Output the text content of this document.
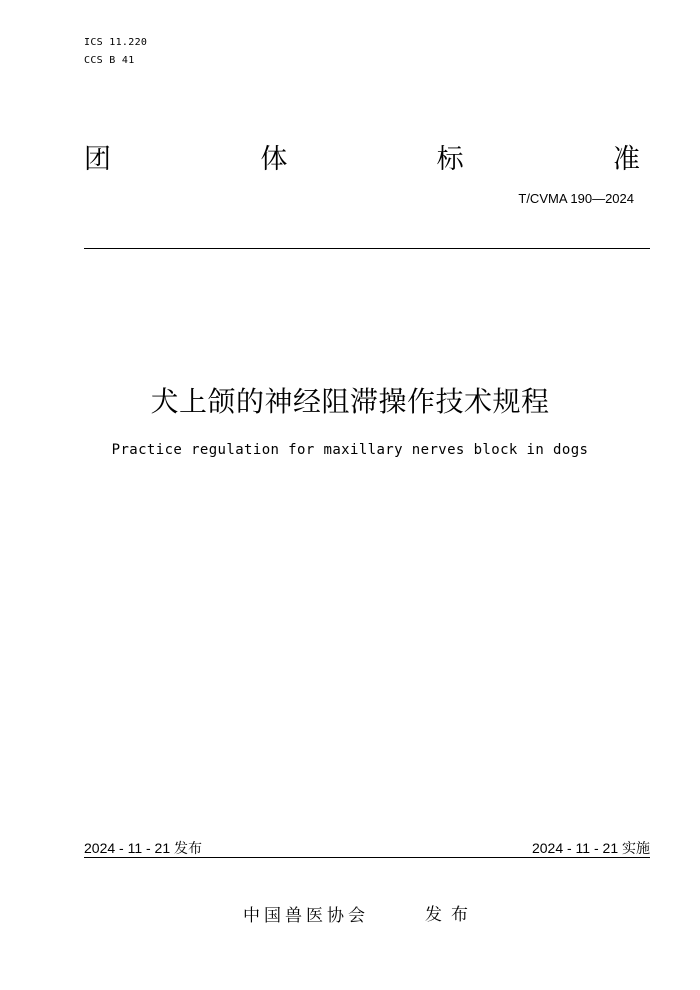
ICS 11.220
CCS B 41
团	体	标	准
T/CVMA 190—2024
犬上颌的神经阻滞操作技术规程
Practice regulation for maxillary nerves block in dogs
2024 - 11 - 21 发布	2024 - 11 - 21 实施
中国兽医协会	发布
